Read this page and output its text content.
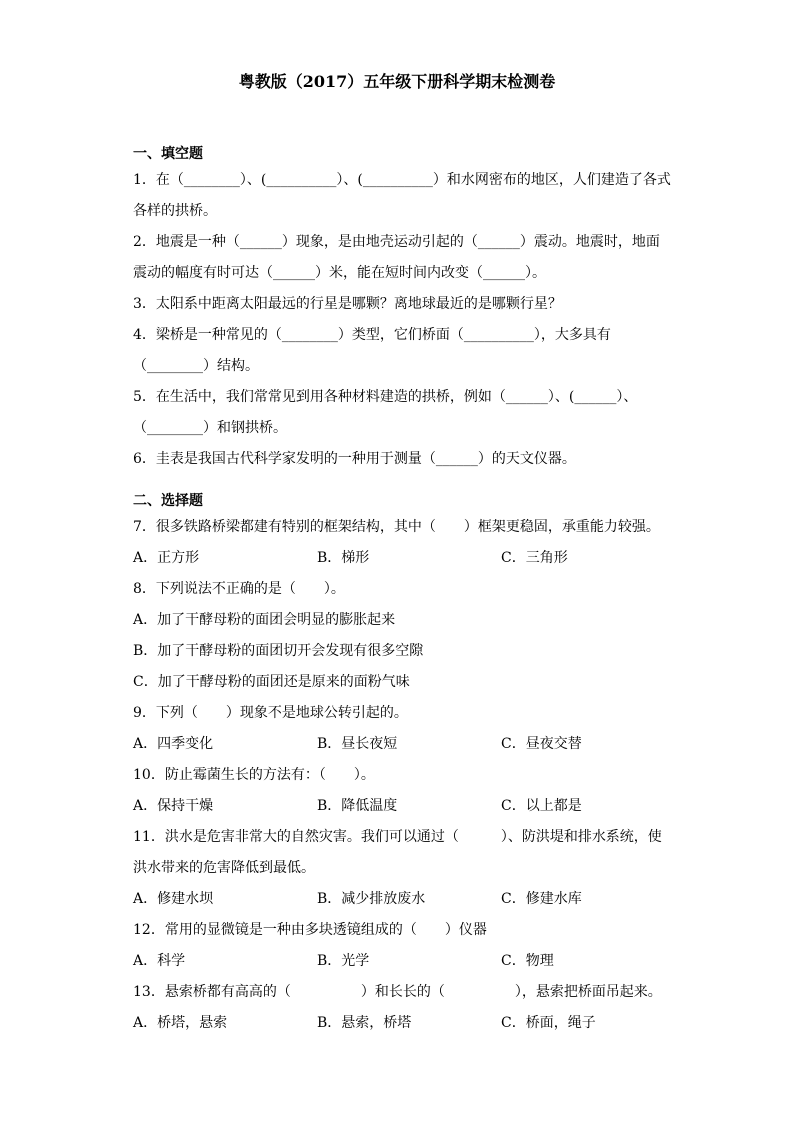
粤教版（2017）五年级下册科学期末检测卷
一、填空题
1．在（________）、(__________）、(__________）和水网密布的地区，人们建造了各式
各样的拱桥。
2．地震是一种（______）现象，是由地壳运动引起的（______）震动。地震时，地面
震动的幅度有时可达（______）米，能在短时间内改变（______）。
3．太阳系中距离太阳最远的行星是哪颗？离地球最近的是哪颗行星？
4．梁桥是一种常见的（________）类型，它们桥面（__________），大多具有
（________）结构。
5．在生活中，我们常常见到用各种材料建造的拱桥，例如（______）、(______）、
（________）和钢拱桥。
6．圭表是我国古代科学家发明的一种用于测量（______）的天文仪器。
二、选择题
7．很多铁路桥梁都建有特别的框架结构，其中（　　）框架更稳固，承重能力较强。
A．正方形	B．梯形	C．三角形
8．下列说法不正确的是（　　）。
A．加了干酵母粉的面团会明显的膨胀起来
B．加了干酵母粉的面团切开会发现有很多空隙
C．加了干酵母粉的面团还是原来的面粉气味
9．下列（　　）现象不是地球公转引起的。
A．四季变化	B．昼长夜短	C．昼夜交替
10．防止霉菌生长的方法有：（　　）。
A．保持干燥	B．降低温度	C．以上都是
11．洪水是危害非常大的自然灾害。我们可以通过（　　　）、防洪堤和排水系统，使
洪水带来的危害降低到最低。
A．修建水坝	B．减少排放废水	C．修建水库
12．常用的显微镜是一种由多块透镜组成的（　　）仪器
A．科学	B．光学	C．物理
13．悬索桥都有高高的（　　　　　）和长长的（　　　　　），悬索把桥面吊起来。
A．桥塔，悬索	B．悬索，桥塔	C．桥面，绳子
